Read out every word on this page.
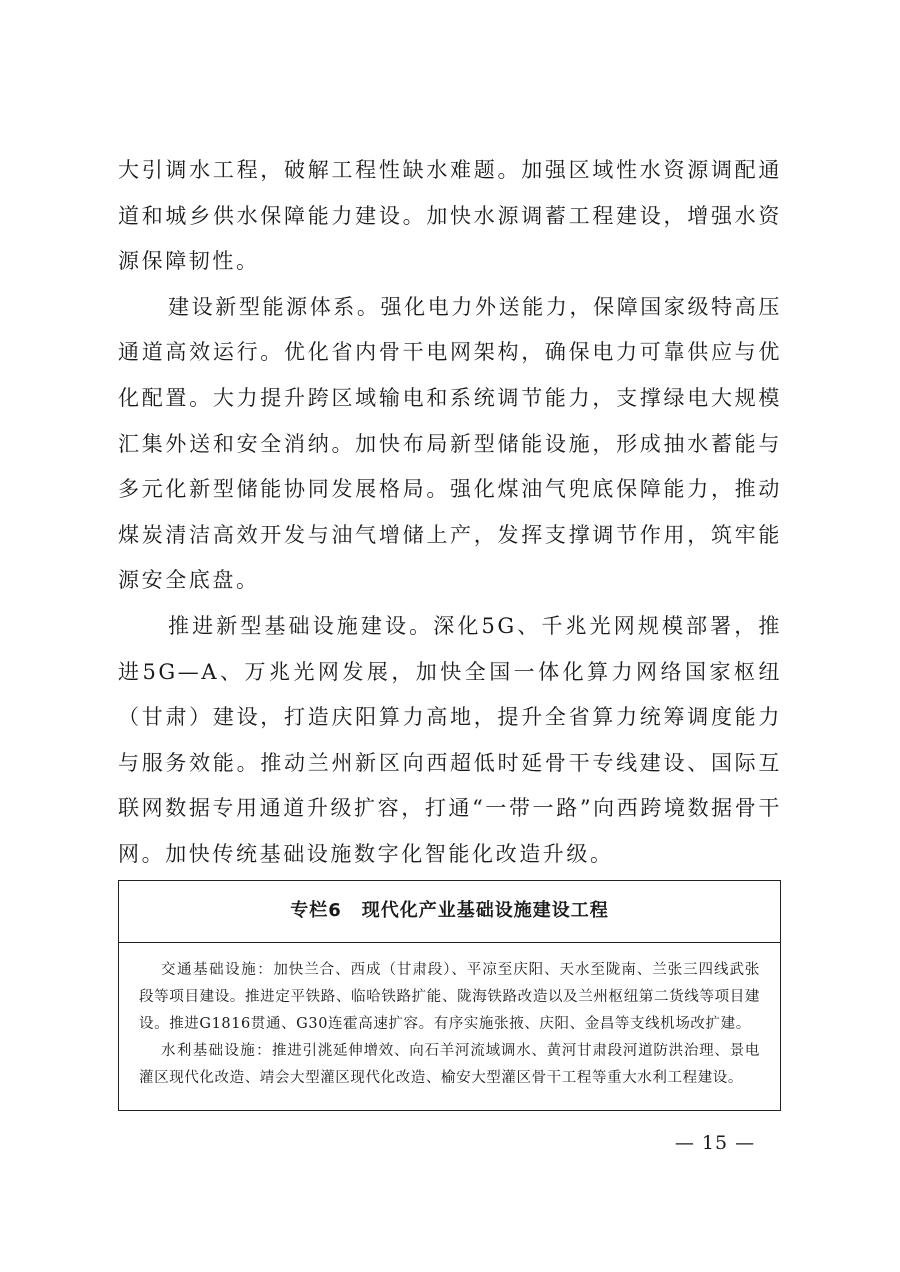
大引调水工程，破解工程性缺水难题。加强区域性水资源调配通道和城乡供水保障能力建设。加快水源调蓄工程建设，增强水资源保障韧性。

建设新型能源体系。强化电力外送能力，保障国家级特高压通道高效运行。优化省内骨干电网架构，确保电力可靠供应与优化配置。大力提升跨区域输电和系统调节能力，支撑绿电大规模汇集外送和安全消纳。加快布局新型储能设施，形成抽水蓄能与多元化新型储能协同发展格局。强化煤油气兜底保障能力，推动煤炭清洁高效开发与油气增储上产，发挥支撑调节作用，筑牢能源安全底盘。

推进新型基础设施建设。深化5G、千兆光网规模部署，推进5G—A、万兆光网发展，加快全国一体化算力网络国家枢纽（甘肃）建设，打造庆阳算力高地，提升全省算力统筹调度能力与服务效能。推动兰州新区向西超低时延骨干专线建设、国际互联网数据专用通道升级扩容，打通“一带一路”向西跨境数据骨干网。加快传统基础设施数字化智能化改造升级。

专栏6 现代化产业基础设施建设工程

交通基础设施：加快兰合、西成（甘肃段）、平凉至庆阳、天水至陇南、兰张三四线武张段等项目建设。推进定平铁路、临哈铁路扩能、陇海铁路改造以及兰州枢纽第二货线等项目建设。推进G1816贯通、G30连霍高速扩容。有序实施张掖、庆阳、金昌等支线机场改扩建。

水利基础设施：推进引洮延伸增效、向石羊河流域调水、黄河甘肃段河道防洪治理、景电灌区现代化改造、靖会大型灌区现代化改造、榆安大型灌区骨干工程等重大水利工程建设。

— 15 —
